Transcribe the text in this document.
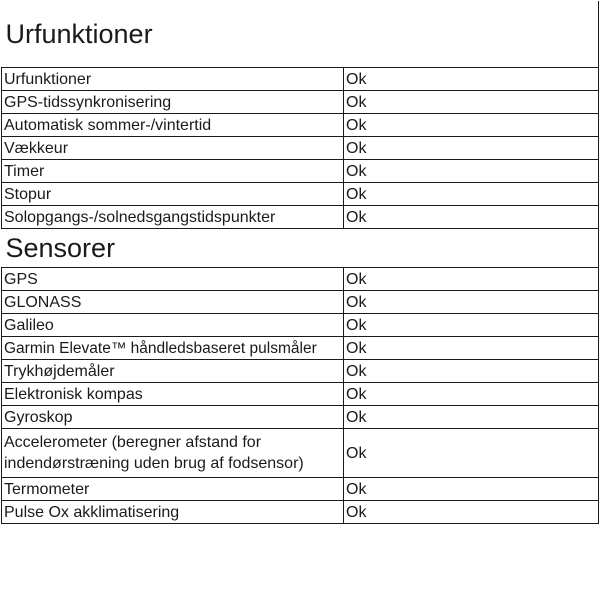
Urfunktioner	
Urfunktioner	Ok
GPS-tidssynkronisering	Ok
Automatisk sommer-/vintertid	Ok
Vækkeur	Ok
Timer	Ok
Stopur	Ok
Solopgangs-/solnedsgangstidspunkter	Ok
Sensorer	
GPS	Ok
GLONASS	Ok
Galileo	Ok
Garmin Elevate™ håndledsbaseret pulsmåler	Ok
Trykhøjdemåler	Ok
Elektronisk kompas	Ok
Gyroskop	Ok
Accelerometer (beregner afstand for indendørstræning uden brug af fodsensor)	Ok
Termometer	Ok
Pulse Ox akklimatisering	Ok
